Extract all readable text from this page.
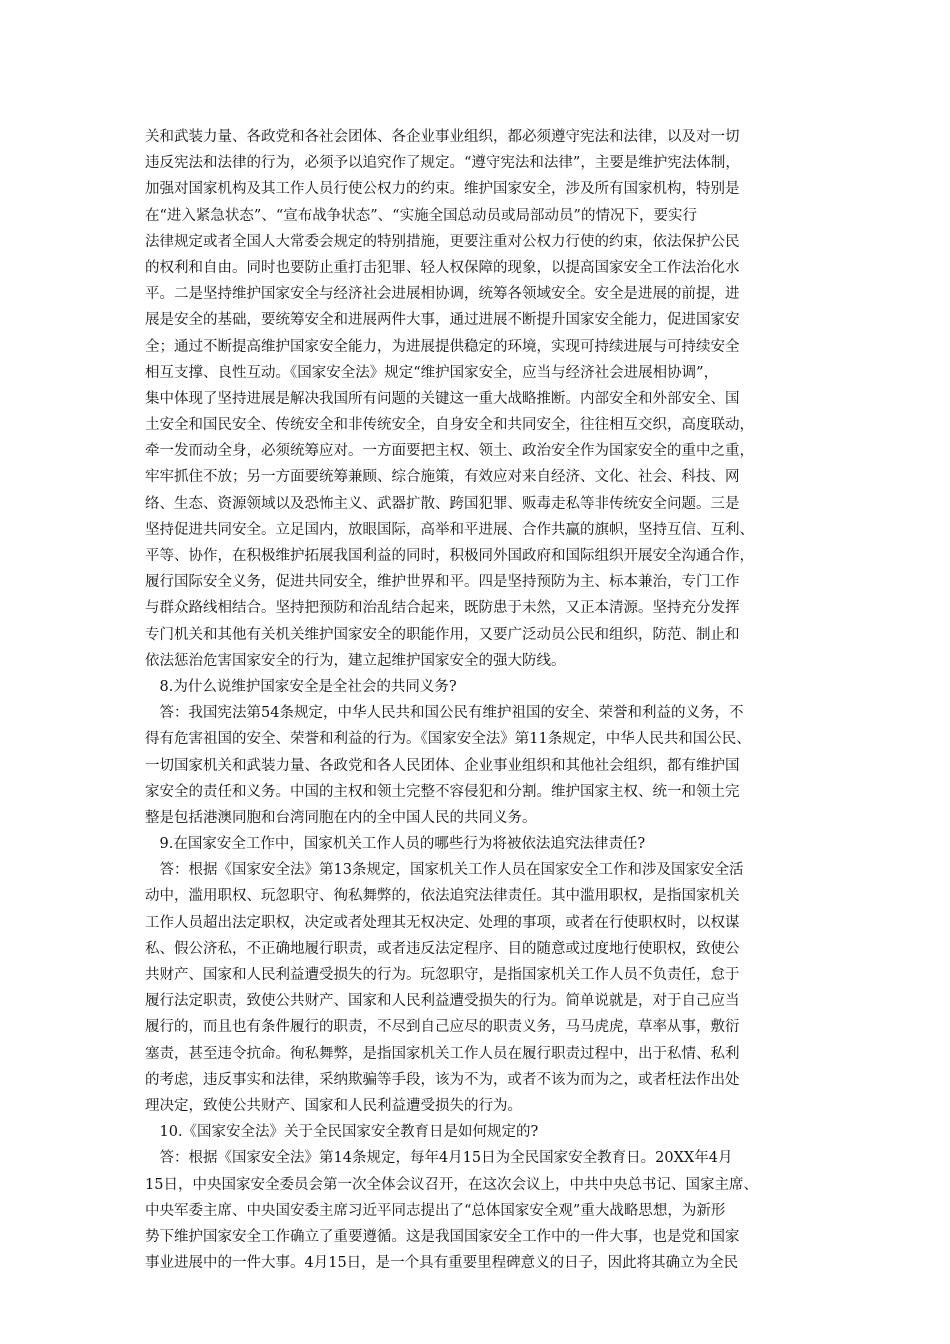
关和武装力量、各政党和各社会团体、各企业事业组织，都必须遵守宪法和法律，以及对一切
违反宪法和法律的行为，必须予以追究作了规定。“遵守宪法和法律”，主要是维护宪法体制，
加强对国家机构及其工作人员行使公权力的约束。维护国家安全，涉及所有国家机构，特别是
在“进入紧急状态”、“宣布战争状态”、“实施全国总动员或局部动员”的情况下，要实行
法律规定或者全国人大常委会规定的特别措施，更要注重对公权力行使的约束，依法保护公民
的权利和自由。同时也要防止重打击犯罪、轻人权保障的现象，以提高国家安全工作法治化水
平。二是坚持维护国家安全与经济社会进展相协调，统筹各领域安全。安全是进展的前提，进
展是安全的基础，要统筹安全和进展两件大事，通过进展不断提升国家安全能力，促进国家安
全；通过不断提高维护国家安全能力，为进展提供稳定的环境，实现可持续进展与可持续安全
相互支撑、良性互动。《国家安全法》规定“维护国家安全，应当与经济社会进展相协调”，
集中体现了坚持进展是解决我国所有问题的关键这一重大战略推断。内部安全和外部安全、国
土安全和国民安全、传统安全和非传统安全，自身安全和共同安全，往往相互交织，高度联动，
牵一发而动全身，必须统筹应对。一方面要把主权、领土、政治安全作为国家安全的重中之重，
牢牢抓住不放；另一方面要统筹兼顾、综合施策，有效应对来自经济、文化、社会、科技、网
络、生态、资源领域以及恐怖主义、武器扩散、跨国犯罪、贩毒走私等非传统安全问题。三是
坚持促进共同安全。立足国内，放眼国际，高举和平进展、合作共赢的旗帜，坚持互信、互利、
平等、协作，在积极维护拓展我国利益的同时，积极同外国政府和国际组织开展安全沟通合作，
履行国际安全义务，促进共同安全，维护世界和平。四是坚持预防为主、标本兼治，专门工作
与群众路线相结合。坚持把预防和治乱结合起来，既防患于未然，又正本清源。坚持充分发挥
专门机关和其他有关机关维护国家安全的职能作用，又要广泛动员公民和组织，防范、制止和
依法惩治危害国家安全的行为，建立起维护国家安全的强大防线。
　8.为什么说维护国家安全是全社会的共同义务?
　答：我国宪法第54条规定，中华人民共和国公民有维护祖国的安全、荣誉和利益的义务，不
得有危害祖国的安全、荣誉和利益的行为。《国家安全法》第11条规定，中华人民共和国公民、
一切国家机关和武装力量、各政党和各人民团体、企业事业组织和其他社会组织，都有维护国
家安全的责任和义务。中国的主权和领土完整不容侵犯和分割。维护国家主权、统一和领土完
整是包括港澳同胞和台湾同胞在内的全中国人民的共同义务。
　9.在国家安全工作中，国家机关工作人员的哪些行为将被依法追究法律责任?
　答：根据《国家安全法》第13条规定，国家机关工作人员在国家安全工作和涉及国家安全活
动中，滥用职权、玩忽职守、徇私舞弊的，依法追究法律责任。其中滥用职权，是指国家机关
工作人员超出法定职权，决定或者处理其无权决定、处理的事项，或者在行使职权时，以权谋
私、假公济私，不正确地履行职责，或者违反法定程序、目的随意或过度地行使职权，致使公
共财产、国家和人民利益遭受损失的行为。玩忽职守，是指国家机关工作人员不负责任，怠于
履行法定职责，致使公共财产、国家和人民利益遭受损失的行为。简单说就是，对于自己应当
履行的，而且也有条件履行的职责，不尽到自己应尽的职责义务，马马虎虎，草率从事，敷衍
塞责，甚至违令抗命。徇私舞弊，是指国家机关工作人员在履行职责过程中，出于私情、私利
的考虑，违反事实和法律，采纳欺骗等手段，该为不为，或者不该为而为之，或者枉法作出处
理决定，致使公共财产、国家和人民利益遭受损失的行为。
　10.《国家安全法》关于全民国家安全教育日是如何规定的?
　答：根据《国家安全法》第14条规定，每年4月15日为全民国家安全教育日。20XX年4月
15日，中央国家安全委员会第一次全体会议召开，在这次会议上，中共中央总书记、国家主席、
中央军委主席、中央国安委主席习近平同志提出了“总体国家安全观”重大战略思想，为新形
势下维护国家安全工作确立了重要遵循。这是我国国家安全工作中的一件大事，也是党和国家
事业进展中的一件大事。4月15日，是一个具有重要里程碑意义的日子，因此将其确立为全民
